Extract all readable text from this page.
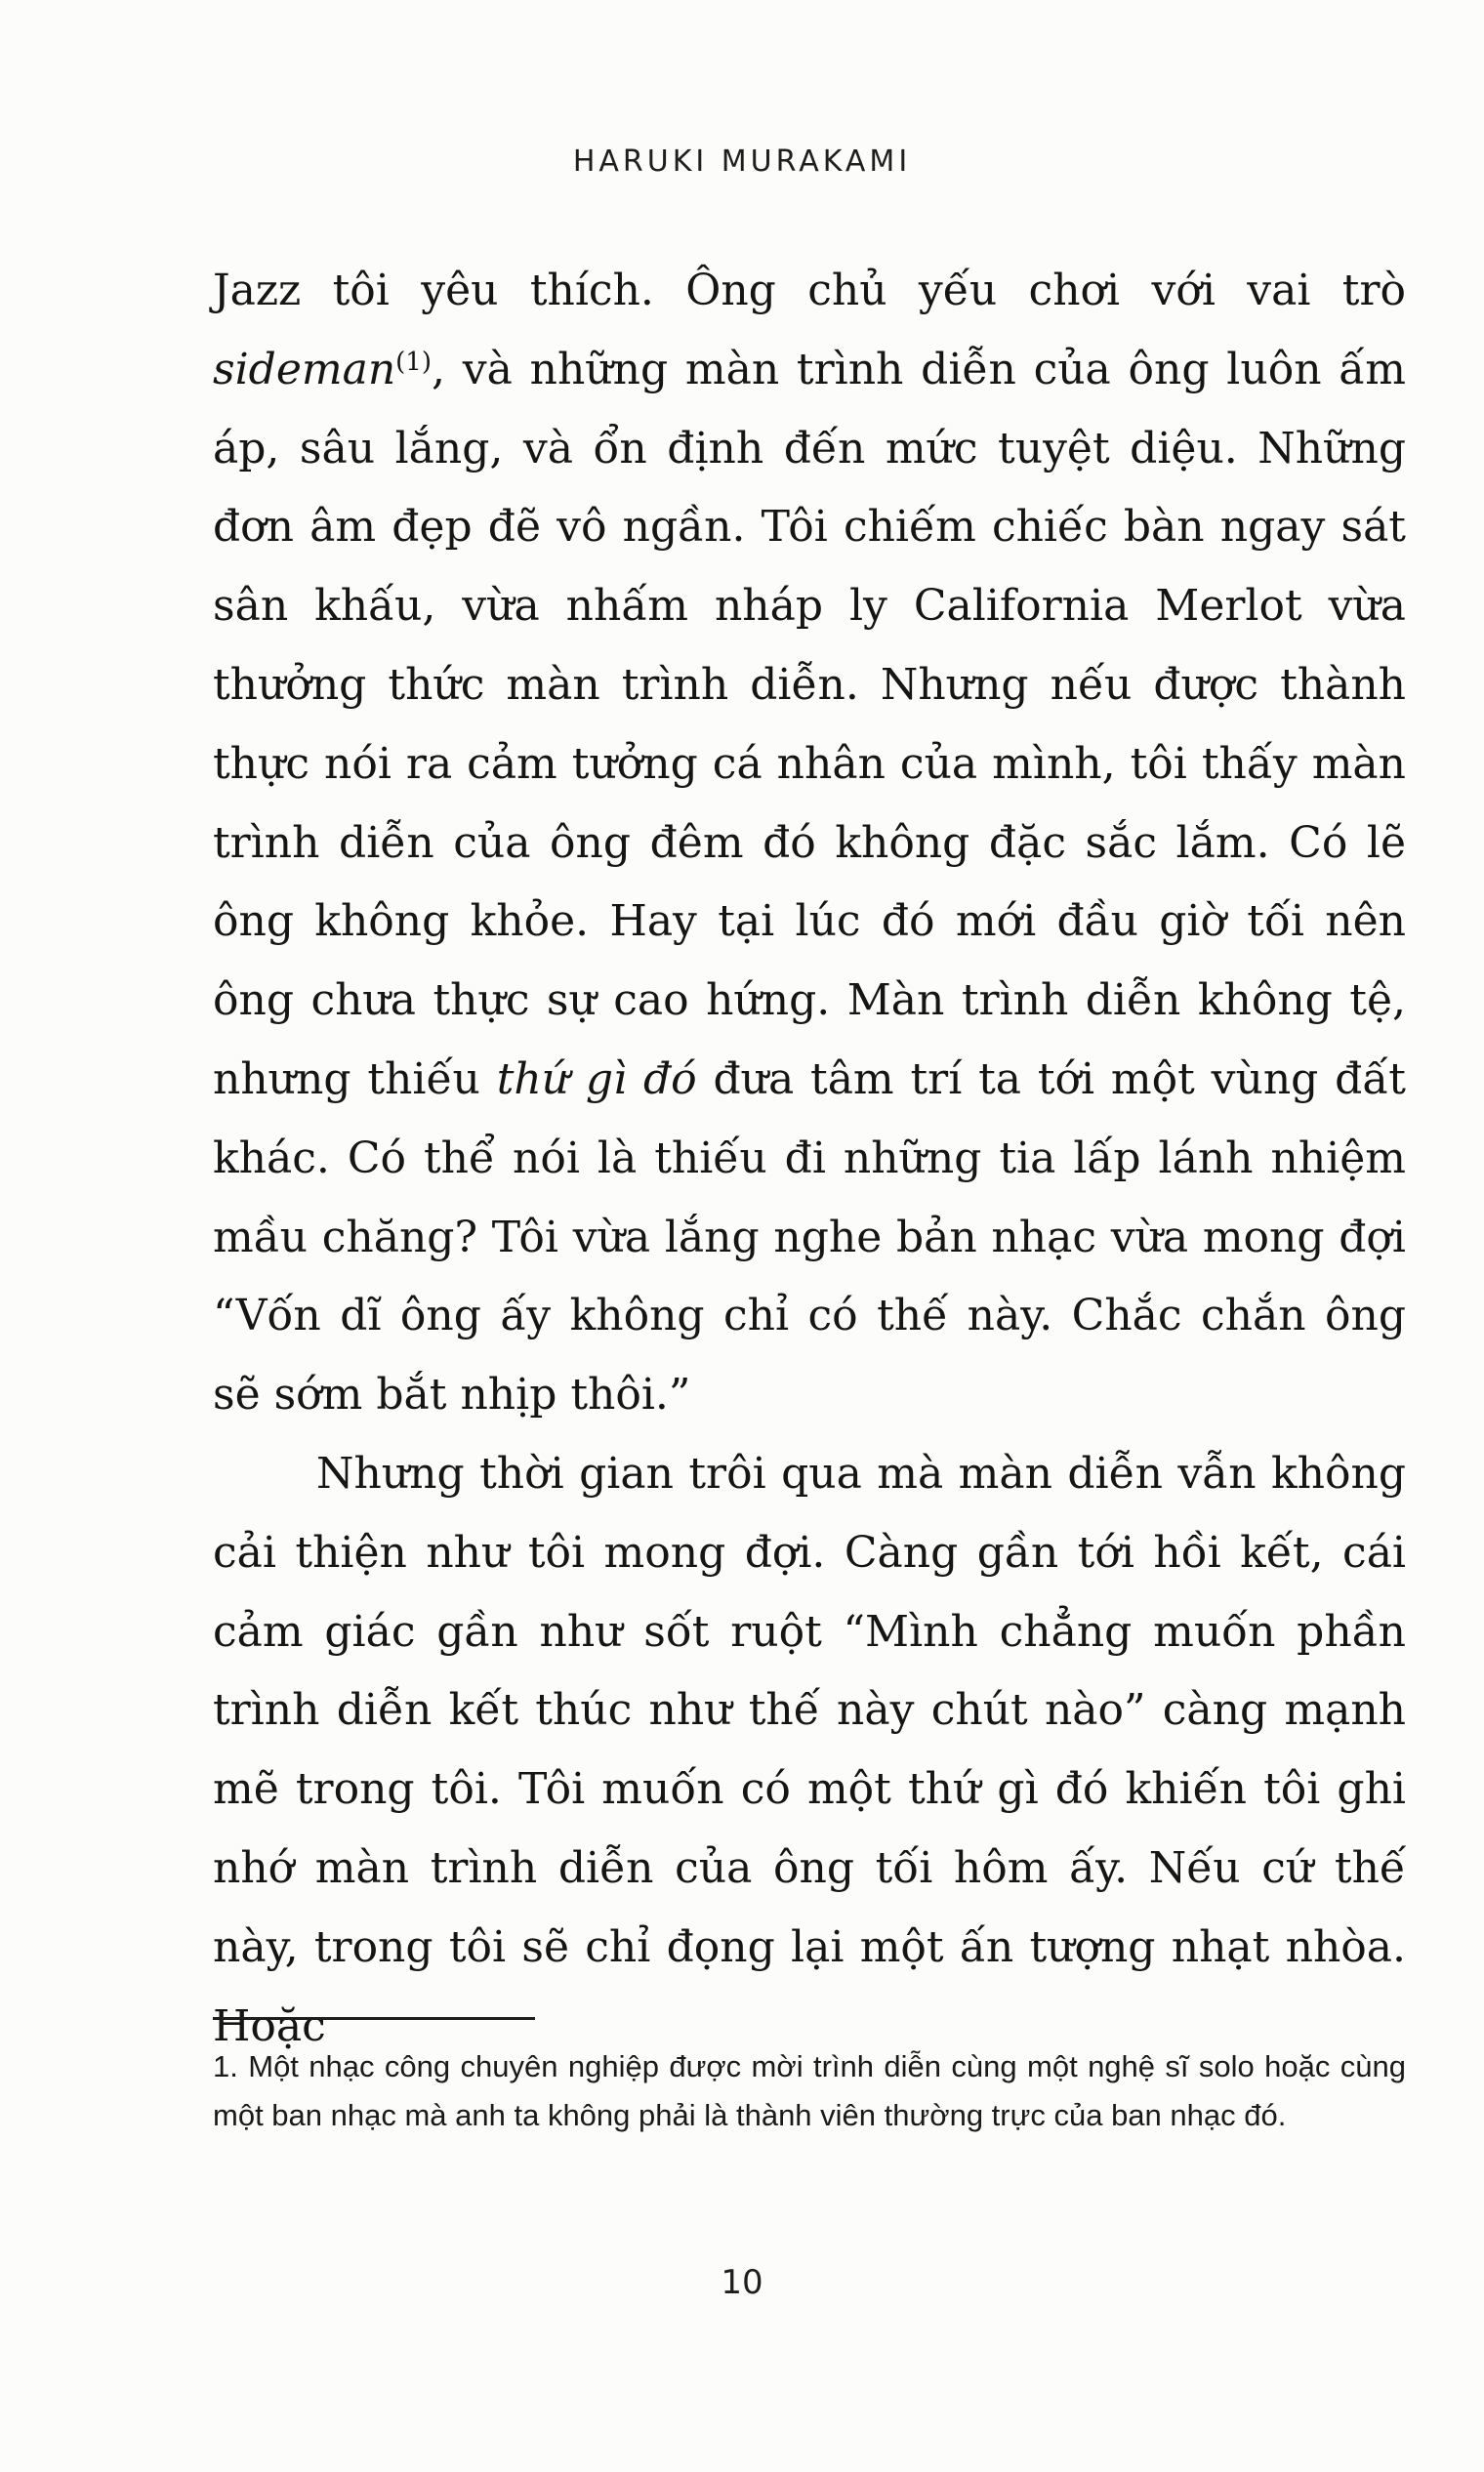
HARUKI MURAKAMI

Jazz tôi yêu thích. Ông chủ yếu chơi với vai trò sideman$^{(1)}$, và những màn trình diễn của ông luôn ấm áp, sâu lắng, và ổn định đến mức tuyệt diệu. Những đơn âm đẹp đẽ vô ngần. Tôi chiếm chiếc bàn ngay sát sân khấu, vừa nhấm nháp ly California Merlot vừa thưởng thức màn trình diễn. Nhưng nếu được thành thực nói ra cảm tưởng cá nhân của mình, tôi thấy màn trình diễn của ông đêm đó không đặc sắc lắm. Có lẽ ông không khỏe. Hay tại lúc đó mới đầu giờ tối nên ông chưa thực sự cao hứng. Màn trình diễn không tệ, nhưng thiếu thứ gì đó đưa tâm trí ta tới một vùng đất khác. Có thể nói là thiếu đi những tia lấp lánh nhiệm mầu chăng? Tôi vừa lắng nghe bản nhạc vừa mong đợi “Vốn dĩ ông ấy không chỉ có thế này. Chắc chắn ông sẽ sớm bắt nhịp thôi.”

Nhưng thời gian trôi qua mà màn diễn vẫn không cải thiện như tôi mong đợi. Càng gần tới hồi kết, cái cảm giác gần như sốt ruột “Mình chẳng muốn phần trình diễn kết thúc như thế này chút nào” càng mạnh mẽ trong tôi. Tôi muốn có một thứ gì đó khiến tôi ghi nhớ màn trình diễn của ông tối hôm ấy. Nếu cứ thế này, trong tôi sẽ chỉ đọng lại một ấn tượng nhạt nhòa. Hoặc

1. Một nhạc công chuyên nghiệp được mời trình diễn cùng một nghệ sĩ solo hoặc cùng một ban nhạc mà anh ta không phải là thành viên thường trực của ban nhạc đó.

10
